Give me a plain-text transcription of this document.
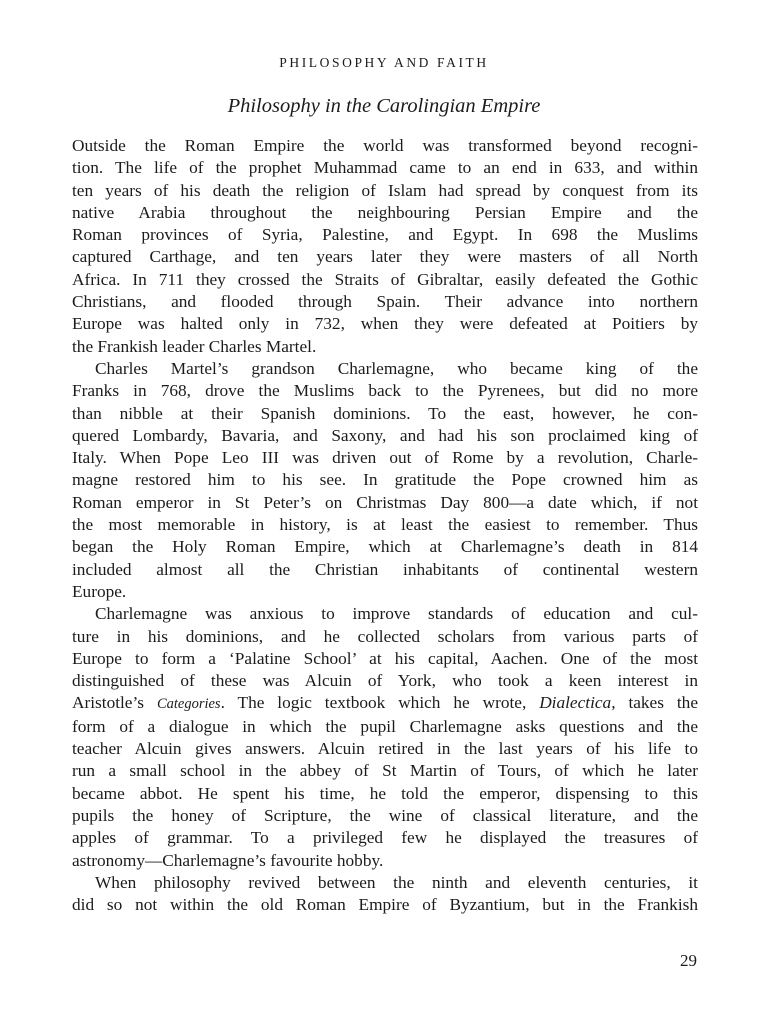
PHILOSOPHY AND FAITH
Philosophy in the Carolingian Empire

Outside the Roman Empire the world was transformed beyond recogni-
tion. The life of the prophet Muhammad came to an end in 633, and within
ten years of his death the religion of Islam had spread by conquest from its
native Arabia throughout the neighbouring Persian Empire and the
Roman provinces of Syria, Palestine, and Egypt. In 698 the Muslims
captured Carthage, and ten years later they were masters of all North
Africa. In 711 they crossed the Straits of Gibraltar, easily defeated the Gothic
Christians, and flooded through Spain. Their advance into northern
Europe was halted only in 732, when they were defeated at Poitiers by
the Frankish leader Charles Martel.

Charles Martel’s grandson Charlemagne, who became king of the
Franks in 768, drove the Muslims back to the Pyrenees, but did no more
than nibble at their Spanish dominions. To the east, however, he con-
quered Lombardy, Bavaria, and Saxony, and had his son proclaimed king of
Italy. When Pope Leo III was driven out of Rome by a revolution, Charle-
magne restored him to his see. In gratitude the Pope crowned him as
Roman emperor in St Peter’s on Christmas Day 800—a date which, if not
the most memorable in history, is at least the easiest to remember. Thus
began the Holy Roman Empire, which at Charlemagne’s death in 814
included almost all the Christian inhabitants of continental western
Europe.

Charlemagne was anxious to improve standards of education and cul-
ture in his dominions, and he collected scholars from various parts of
Europe to form a ‘Palatine School’ at his capital, Aachen. One of the most
distinguished of these was Alcuin of York, who took a keen interest in
Aristotle’s Categories. The logic textbook which he wrote, Dialectica, takes the
form of a dialogue in which the pupil Charlemagne asks questions and the
teacher Alcuin gives answers. Alcuin retired in the last years of his life to
run a small school in the abbey of St Martin of Tours, of which he later
became abbot. He spent his time, he told the emperor, dispensing to this
pupils the honey of Scripture, the wine of classical literature, and the
apples of grammar. To a privileged few he displayed the treasures of
astronomy—Charlemagne’s favourite hobby.

When philosophy revived between the ninth and eleventh centuries, it
did so not within the old Roman Empire of Byzantium, but in the Frankish

29
